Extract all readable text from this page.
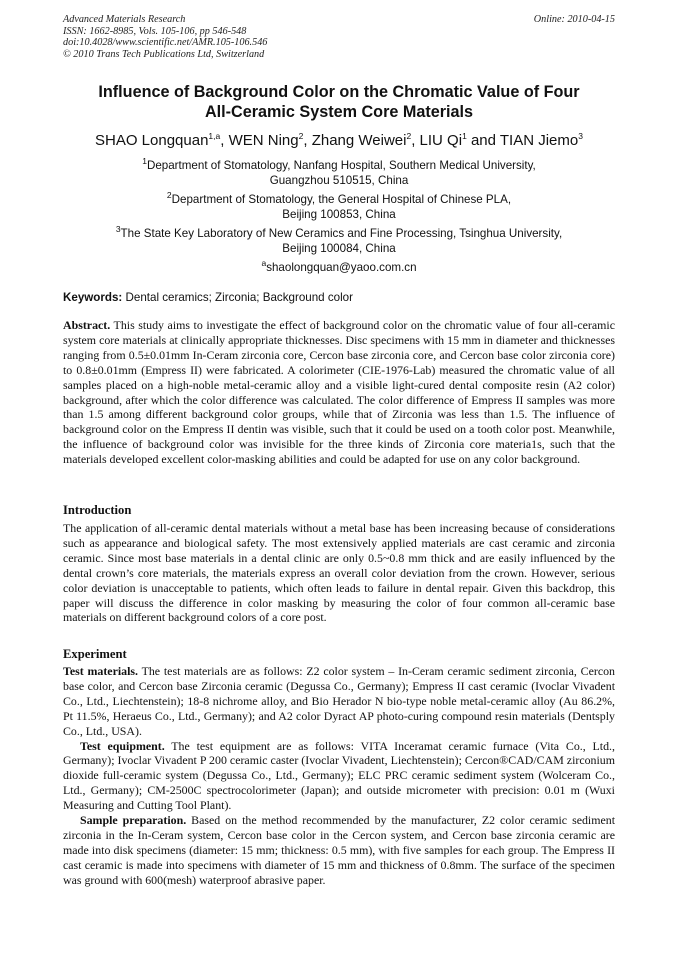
Advanced Materials Research	Online: 2010-04-15
ISSN: 1662-8985, Vols. 105-106, pp 546-548
doi:10.4028/www.scientific.net/AMR.105-106.546
© 2010 Trans Tech Publications Ltd, Switzerland
Influence of Background Color on the Chromatic Value of Four
All-Ceramic System Core Materials
SHAO Longquan$^{1,a}$, WEN Ning$^2$, Zhang Weiwei$^2$, LIU Qi$^1$ and TIAN Jiemo$^3$
$^1$Department of Stomatology, Nanfang Hospital, Southern Medical University,
Guangzhou 510515, China
$^2$Department of Stomatology, the General Hospital of Chinese PLA,
Beijing 100853, China
$^3$The State Key Laboratory of New Ceramics and Fine Processing, Tsinghua University,
Beijing 100084, China
$^a$shaolongquan@yaoo.com.cn
Keywords: Dental ceramics; Zirconia; Background color

Abstract. This study aims to investigate the effect of background color on the chromatic value of four all-ceramic system core materials at clinically appropriate thicknesses. Disc specimens with 15 mm in diameter and thicknesses ranging from 0.5±0.01mm In-Ceram zirconia core, Cercon base zirconia core, and Cercon base color zirconia core) to 0.8±0.01mm (Empress II) were fabricated. A colorimeter (CIE-1976-Lab) measured the chromatic value of all samples placed on a high-noble metal-ceramic alloy and a visible light-cured dental composite resin (A2 color) background, after which the color difference was calculated. The color difference of Empress II samples was more than 1.5 among different background color groups, while that of Zirconia was less than 1.5. The influence of background color on the Empress II dentin was visible, such that it could be used on a tooth color post. Meanwhile, the influence of background color was invisible for the three kinds of Zirconia core materia1s, such that the materials developed excellent color-masking abilities and could be adapted for use on any color background.

Introduction

The application of all-ceramic dental materials without a metal base has been increasing because of considerations such as appearance and biological safety. The most extensively applied materials are cast ceramic and zirconia ceramic. Since most base materials in a dental clinic are only 0.5~0.8 mm thick and are easily influenced by the dental crown’s core materials, the materials express an overall color deviation from the crown. However, serious color deviation is unacceptable to patients, which often leads to failure in dental repair. Given this backdrop, this paper will discuss the difference in color masking by measuring the color of four common all-ceramic base materials on different background colors of a core post.

Experiment

Test materials. The test materials are as follows: Z2 color system – In-Ceram ceramic sediment zirconia, Cercon base color, and Cercon base Zirconia ceramic (Degussa Co., Germany); Empress II cast ceramic (Ivoclar Vivadent Co., Ltd., Liechtenstein); 18-8 nichrome alloy, and Bio Herador N bio-type noble metal-ceramic alloy (Au 86.2%, Pt 11.5%, Heraeus Co., Ltd., Germany); and A2 color Dyract AP photo-curing compound resin materials (Dentsply Co., Ltd., USA).

Test equipment. The test equipment are as follows: VITA Inceramat ceramic furnace (Vita Co., Ltd., Germany); Ivoclar Vivadent P 200 ceramic caster (Ivoclar Vivadent, Liechtenstein); Cercon®CAD/CAM zirconium dioxide full-ceramic system (Degussa Co., Ltd., Germany); ELC PRC ceramic sediment system (Wolceram Co., Ltd., Germany); CM-2500C spectrocolorimeter (Japan); and outside micrometer with precision: 0.01 m (Wuxi Measuring and Cutting Tool Plant).

Sample preparation. Based on the method recommended by the manufacturer, Z2 color ceramic sediment zirconia in the In-Ceram system, Cercon base color in the Cercon system, and Cercon base zirconia ceramic are made into disk specimens (diameter: 15 mm; thickness: 0.5 mm), with five samples for each group. The Empress II cast ceramic is made into specimens with diameter of 15 mm and thickness of 0.8mm. The surface of the specimen was ground with 600(mesh) waterproof abrasive paper.
